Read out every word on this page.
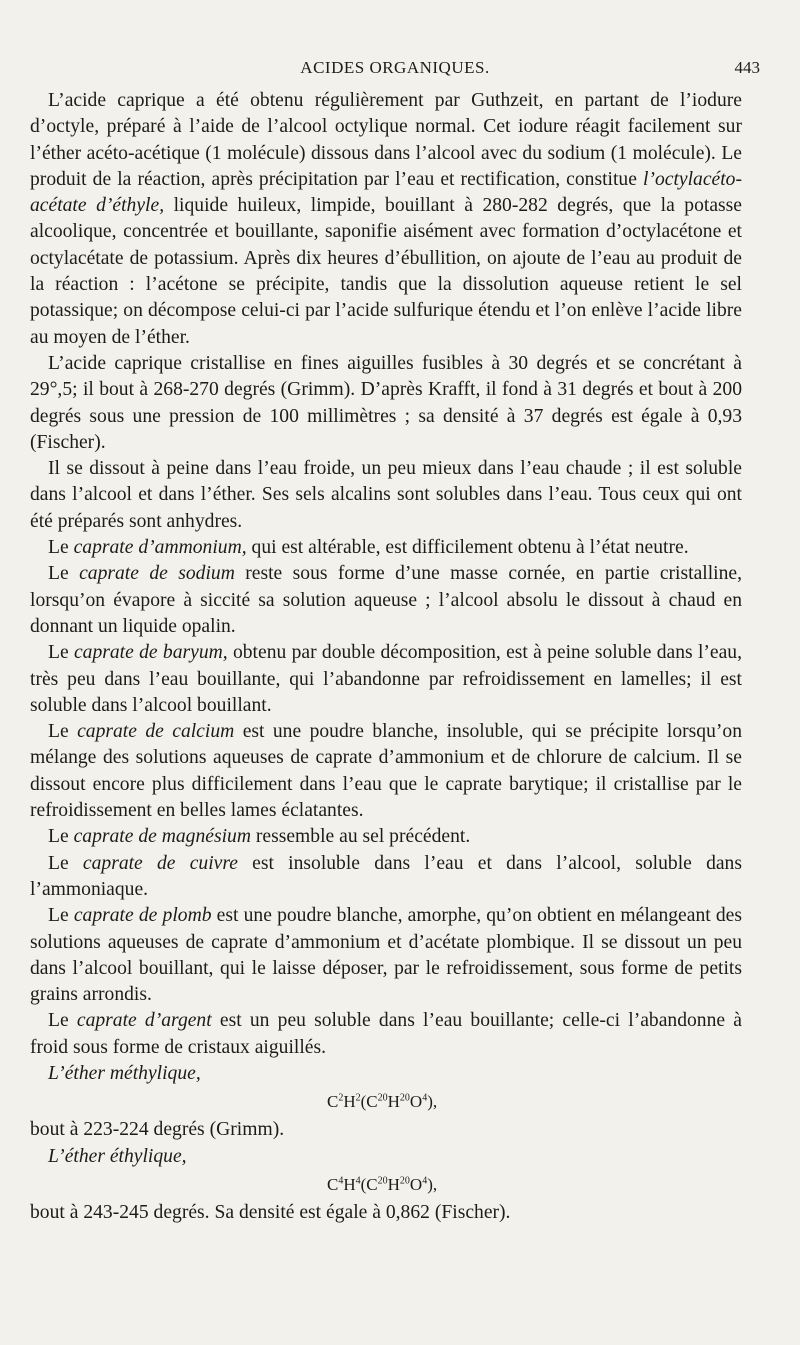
ACIDES ORGANIQUES.	443

L’acide caprique a été obtenu régulièrement par Guthzeit, en partant de l’iodure d’octyle, préparé à l’aide de l’alcool octylique normal. Cet iodure réagit facilement sur l’éther acéto-acétique (1 molécule) dissous dans l’alcool avec du sodium (1 molécule). Le produit de la réaction, après précipitation par l’eau et rectification, constitue l’octylacéto-acétate d’éthyle, liquide huileux, limpide, bouillant à 280-282 degrés, que la potasse alcoolique, concentrée et bouillante, saponifie aisément avec formation d’octylacétone et octylacétate de potassium. Après dix heures d’ébullition, on ajoute de l’eau au produit de la réaction : l’acétone se précipite, tandis que la dissolution aqueuse retient le sel potassique; on décompose celui-ci par l’acide sulfurique étendu et l’on enlève l’acide libre au moyen de l’éther.

L’acide caprique cristallise en fines aiguilles fusibles à 30 degrés et se concrétant à 29°,5; il bout à 268-270 degrés (Grimm). D’après Krafft, il fond à 31 degrés et bout à 200 degrés sous une pression de 100 millimètres ; sa densité à 37 degrés est égale à 0,93 (Fischer).

Il se dissout à peine dans l’eau froide, un peu mieux dans l’eau chaude ; il est soluble dans l’alcool et dans l’éther. Ses sels alcalins sont solubles dans l’eau. Tous ceux qui ont été préparés sont anhydres.

Le caprate d’ammonium, qui est altérable, est difficilement obtenu à l’état neutre.

Le caprate de sodium reste sous forme d’une masse cornée, en partie cristalline, lorsqu’on évapore à siccité sa solution aqueuse ; l’alcool absolu le dissout à chaud en donnant un liquide opalin.

Le caprate de baryum, obtenu par double décomposition, est à peine soluble dans l’eau, très peu dans l’eau bouillante, qui l’abandonne par refroidissement en lamelles; il est soluble dans l’alcool bouillant.

Le caprate de calcium est une poudre blanche, insoluble, qui se précipite lorsqu’on mélange des solutions aqueuses de caprate d’ammonium et de chlorure de calcium. Il se dissout encore plus difficilement dans l’eau que le caprate barytique; il cristallise par le refroidissement en belles lames éclatantes.

Le caprate de magnésium ressemble au sel précédent.

Le caprate de cuivre est insoluble dans l’eau et dans l’alcool, soluble dans l’ammoniaque.

Le caprate de plomb est une poudre blanche, amorphe, qu’on obtient en mélangeant des solutions aqueuses de caprate d’ammonium et d’acétate plombique. Il se dissout un peu dans l’alcool bouillant, qui le laisse déposer, par le refroidissement, sous forme de petits grains arrondis.

Le caprate d’argent est un peu soluble dans l’eau bouillante; celle-ci l’abandonne à froid sous forme de cristaux aiguillés.

L’éther méthylique,

$C^2H^2(C^{20}H^{20}O^4)$,

bout à 223-224 degrés (Grimm).

L’éther éthylique,

$C^4H^4(C^{20}H^{20}O^4)$,

bout à 243-245 degrés. Sa densité est égale à 0,862 (Fischer).
